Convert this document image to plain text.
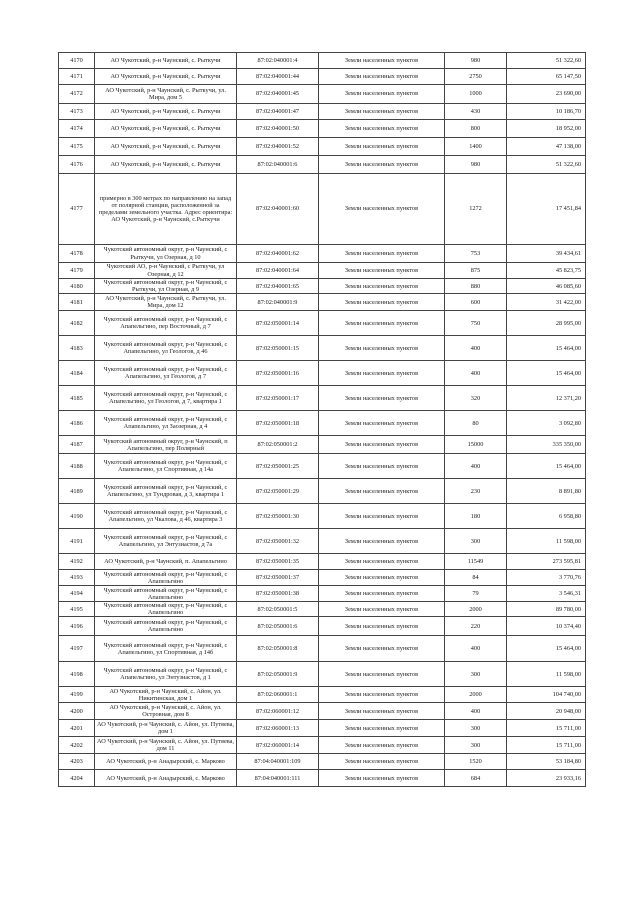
4170	АО Чукотский, р-н Чаунский, с. Рыткучи	87:02:040001:4	Земли населенных пунктов	980	51 322,60
4171	АО Чукотский, р-н Чаунский, с. Рыткучи	87:02:040001:44	Земли населенных пунктов	2750	65 147,50
4172	АО Чукотский, р-н Чаунский, с. Рыткучи, ул. Мира, дом 5	87:02:040001:45	Земли населенных пунктов	1000	23 690,00
4173	АО Чукотский, р-н Чаунский, с. Рыткучи	87:02:040001:47	Земли населенных пунктов	430	10 186,70
4174	АО Чукотский, р-н Чаунский, с. Рыткучи	87:02:040001:50	Земли населенных пунктов	800	18 952,00
4175	АО Чукотский, р-н Чаунский, с. Рыткучи	87:02:040001:52	Земли населенных пунктов	1400	47 138,00
4176	АО Чукотский, р-н Чаунский, с. Рыткучи	87:02:040001:6	Земли населенных пунктов	980	51 322,60
4177	примерно в 300 метрах по направлению на запад от полярной станции, расположенной за пределами земельного участка. Адрес ориентира: АО Чукотский, р-н Чаунский, с.Рыткучи	87:02:040001:60	Земли населенных пунктов	1272	17 451,84
4178	Чукотский автономный округ, р-н Чаунский, с Рыткучи, ул Озерная, д 10	87:02:040001:62	Земли населенных пунктов	753	39 434,61
4179	Чукотский АО, р-н Чаунский, с Рыткучи, ул Озерная, д 12	87:02:040001:64	Земли населенных пунктов	875	45 823,75
4180	Чукотский автономный округ, р-н Чаунский, с Рыткучи, ул Озерная, д 9	87:02:040001:65	Земли населенных пунктов	880	46 085,60
4181	АО Чукотский, р-н Чаунский, с. Рыткучи, ул. Мира, дом 12	87:02:040001:9	Земли населенных пунктов	600	31 422,00
4182	Чукотский автономный округ, р-н Чаунский, с Апапельгино, пер Восточный, д 7	87:02:050001:14	Земли населенных пунктов	750	28 995,00
4183	Чукотский автономный округ, р-н Чаунский, с Апапельгино, ул Геологов, д 46	87:02:050001:15	Земли населенных пунктов	400	15 464,00
4184	Чукотский автономный округ, р-н Чаунский, с Апапельгино, ул Геологов, д 7	87:02:050001:16	Земли населенных пунктов	400	15 464,00
4185	Чукотский автономный округ, р-н Чаунский, с Апапельгино, ул Геологов, д 7, квартира 1	87:02:050001:17	Земли населенных пунктов	320	12 371,20
4186	Чукотский автономный округ, р-н Чаунский, с Апапельгино, ул Заозерная, д 4	87:02:050001:18	Земли населенных пунктов	80	3 092,80
4187	Чукотский автономный округ, р-н Чаунский, п Апапельгино, пер Полярный	87:02:050001:2	Земли населенных пунктов	15000	335 350,00
4188	Чукотский автономный округ, р-н Чаунский, с Апапельгино, ул Спортивная, д 14а	87:02:050001:25	Земли населенных пунктов	400	15 464,00
4189	Чукотский автономный округ, р-н Чаунский, с Апапельгино, ул Тундровая, д 3, квартира 1	87:02:050001:29	Земли населенных пунктов	230	8 891,80
4190	Чукотский автономный округ, р-н Чаунский, с Апапельгино, ул Чкалова, д 46, квартира 3	87:02:050001:30	Земли населенных пунктов	180	6 958,80
4191	Чукотский автономный округ, р-н Чаунский, с Апапельгино, ул Энтузиастов, д 7а	87:02:050001:32	Земли населенных пунктов	300	11 598,00
4192	АО Чукотский, р-н Чаунский, п. Апапельгино	87:02:050001:35	Земли населенных пунктов	11549	273 595,81
4193	Чукотский автономный округ, р-н Чаунский, с Апапельгино	87:02:050001:37	Земли населенных пунктов	84	3 770,76
4194	Чукотский автономный округ, р-н Чаунский, с Апапельгино	87:02:050001:38	Земли населенных пунктов	79	3 546,31
4195	Чукотский автономный округ, р-н Чаунский, с Апапельгино	87:02:050001:5	Земли населенных пунктов	2000	89 780,00
4196	Чукотский автономный округ, р-н Чаунский, с Апапельгино	87:02:050001:6	Земли населенных пунктов	220	10 374,40
4197	Чукотский автономный округ, р-н Чаунский, с Апапельгино, ул Спортивная, д 14б	87:02:050001:8	Земли населенных пунктов	400	15 464,00
4198	Чукотский автономный округ, р-н Чаунский, с Апапельгино, ул Энтузиастов, д 1	87:02:050001:9	Земли населенных пунктов	300	11 598,00
4199	АО Чукотский, р-н Чаунский, с. Айон, ул. Никитинская, дом 1	87:02:060001:1	Земли населенных пунктов	2000	104 740,00
4200	АО Чукотский, р-н Чаунский, с. Айон, ул. Островная, дом 8	87:02:060001:12	Земли населенных пунктов	400	20 948,00
4201	АО Чукотский, р-н Чаунский, с. Айон, ул. Путяева, дом 1	87:02:060001:13	Земли населенных пунктов	300	15 711,00
4202	АО Чукотский, р-н Чаунский, с. Айон, ул. Путяева, дом 11	87:02:060001:14	Земли населенных пунктов	300	15 711,00
4203	АО Чукотский, р-н Анадырский, с. Марково	87:04:040001:109	Земли населенных пунктов	1520	53 184,80
4204	АО Чукотский, р-н Анадырский, с. Марково	87:04:040001:111	Земли населенных пунктов	684	23 933,16
